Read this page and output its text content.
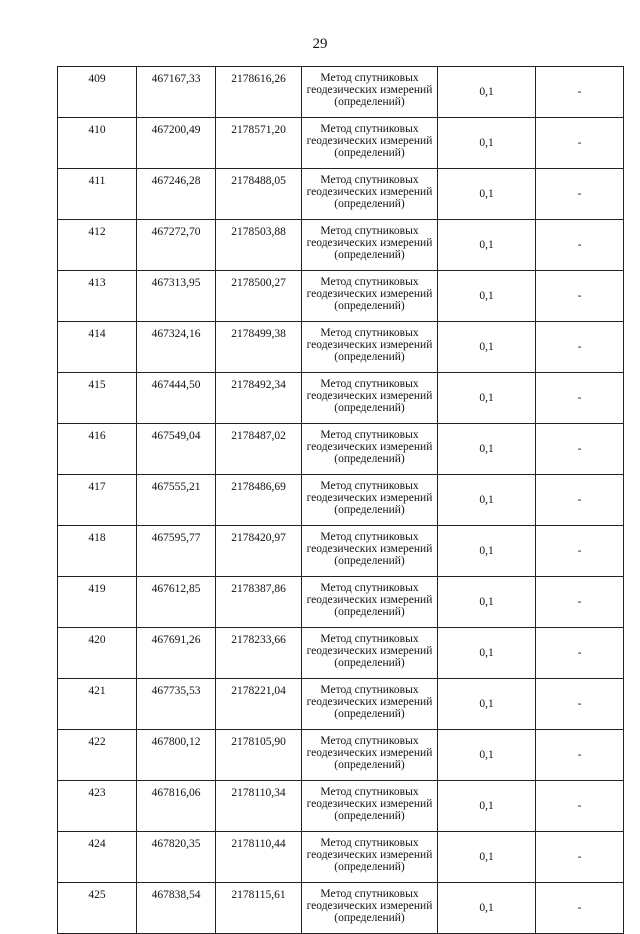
29
409	467167,33	2178616,26	Метод спутниковых геодезических измерений (определений)	0,1	-
410	467200,49	2178571,20	Метод спутниковых геодезических измерений (определений)	0,1	-
411	467246,28	2178488,05	Метод спутниковых геодезических измерений (определений)	0,1	-
412	467272,70	2178503,88	Метод спутниковых геодезических измерений (определений)	0,1	-
413	467313,95	2178500,27	Метод спутниковых геодезических измерений (определений)	0,1	-
414	467324,16	2178499,38	Метод спутниковых геодезических измерений (определений)	0,1	-
415	467444,50	2178492,34	Метод спутниковых геодезических измерений (определений)	0,1	-
416	467549,04	2178487,02	Метод спутниковых геодезических измерений (определений)	0,1	-
417	467555,21	2178486,69	Метод спутниковых геодезических измерений (определений)	0,1	-
418	467595,77	2178420,97	Метод спутниковых геодезических измерений (определений)	0,1	-
419	467612,85	2178387,86	Метод спутниковых геодезических измерений (определений)	0,1	-
420	467691,26	2178233,66	Метод спутниковых геодезических измерений (определений)	0,1	-
421	467735,53	2178221,04	Метод спутниковых геодезических измерений (определений)	0,1	-
422	467800,12	2178105,90	Метод спутниковых геодезических измерений (определений)	0,1	-
423	467816,06	2178110,34	Метод спутниковых геодезических измерений (определений)	0,1	-
424	467820,35	2178110,44	Метод спутниковых геодезических измерений (определений)	0,1	-
425	467838,54	2178115,61	Метод спутниковых геодезических измерений (определений)	0,1	-
